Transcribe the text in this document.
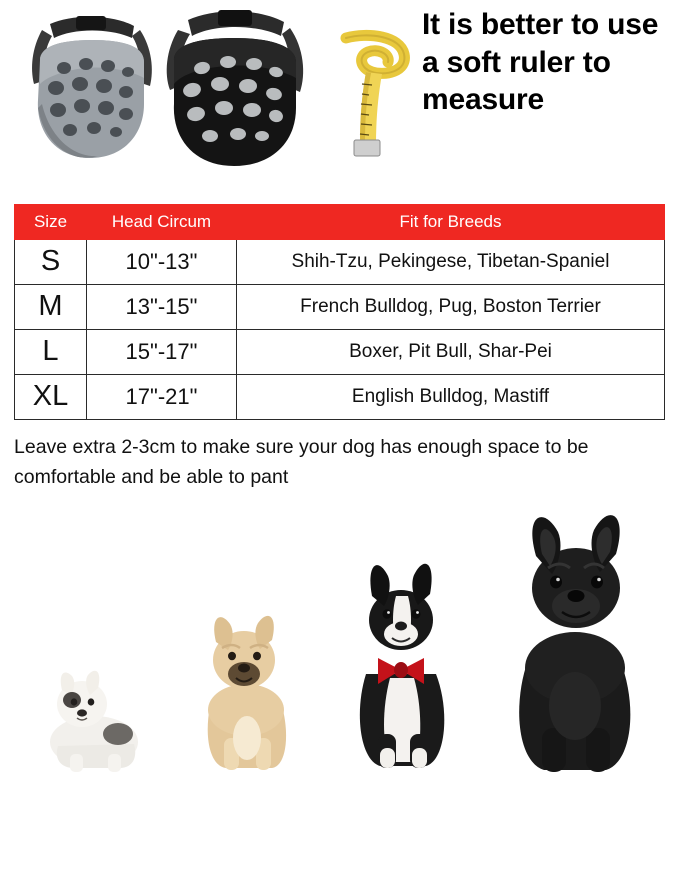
It is better to use a soft ruler to measure
Size	Head Circum	Fit for Breeds
S	10"-13"	Shih-Tzu, Pekingese, Tibetan-Spaniel
M	13"-15"	French Bulldog, Pug, Boston Terrier
L	15"-17"	Boxer, Pit Bull, Shar-Pei
XL	17"-21"	English Bulldog, Mastiff
Leave extra 2-3cm to make sure your dog has enough space to be comfortable and be able to pant
